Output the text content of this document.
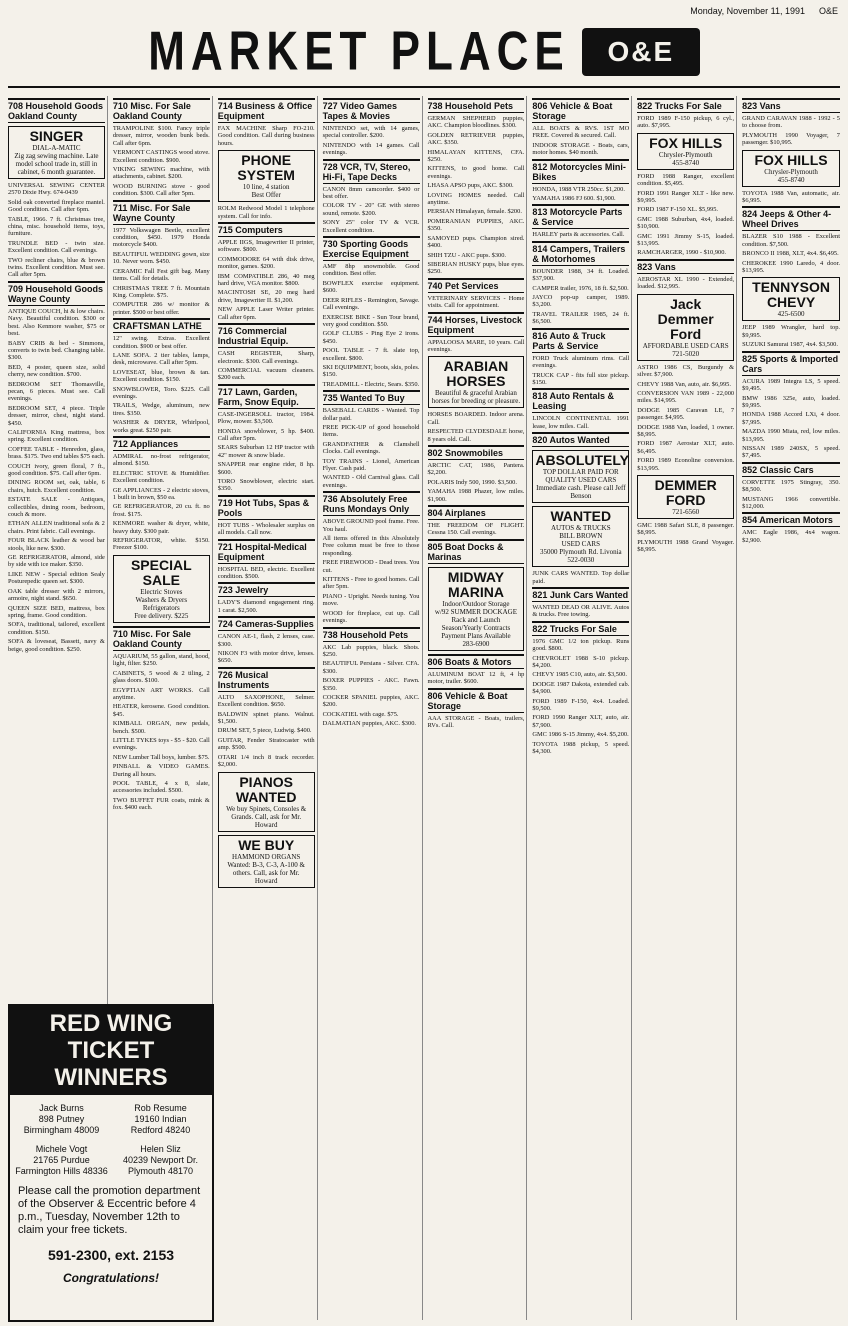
Monday, November 11, 1991 O&E
MARKET PLACE	O&E
708 Household Goods Oakland County
SINGER
DIAL-A-MATIC
Zig zag sewing machine. Late model school trade in, still in cabinet, 6 month guarantee.
UNIVERSAL SEWING CENTER 2570 Dixie Hwy. 674-0439
Solid oak converted fireplace mantel. Good condition. Call after 6pm.
TABLE, 1966. 7 ft. Christmas tree, china, misc. household items, toys, furniture.
TRUNDLE BED - twin size. Excellent condition. Call evenings.
TWO recliner chairs, blue & brown twins. Excellent condition. Must see. Call after 5pm.
709 Household Goods Wayne County
ANTIQUE COUCH, hi & low chairs. Navy. Beautiful condition. $300 or best. Also Kenmore washer, $75 or best.
BABY CRIB & bed - Simmons, converts to twin bed. Changing table. $300.
BED, 4 poster, queen size, solid cherry, new condition. $700.
BEDROOM SET Thomasville, pecan, 6 pieces. Must see. Call evenings.
BEDROOM SET, 4 piece. Triple dresser, mirror, chest, night stand. $450.
CALIFORNIA King mattress, box spring. Excellent condition.
COFFEE TABLE - Henredon, glass, brass. $175. Two end tables $75 each.
COUCH ivory, green floral, 7 ft., good condition. $75. Call after 6pm.
DINING ROOM set, oak, table, 6 chairs, hutch. Excellent condition.
ESTATE SALE - Antiques, collectibles, dining room, bedroom, couch & more.
ETHAN ALLEN traditional sofa & 2 chairs. Print fabric. Call evenings.
FOUR BLACK leather & wood bar stools, like new. $300.
GE REFRIGERATOR, almond, side by side with ice maker. $350.
LIKE NEW - Special edition Sealy Posturepedic queen set. $300.
OAK table dresser with 2 mirrors, armoire, night stand. $650.
QUEEN SIZE BED, mattress, box spring, frame. Good condition.
SOFA, traditional, tailored, excellent condition. $150.
SOFA & loveseat, Bassett, navy & beige, good condition. $250.
710 Misc. For Sale Oakland County
TRAMPOLINE $100. Fancy triple dresser, mirror, wooden bunk beds. Call after 6pm.
VERMONT CASTINGS wood stove. Excellent condition. $900.
VIKING SEWING machine, with attachments, cabinet. $200.
WOOD BURNING stove - good condition. $300. Call after 5pm.
711 Misc. For Sale Wayne County
1977 Volkswagen Beetle, excellent condition, $450. 1979 Honda motorcycle $400.
BEAUTIFUL WEDDING gown, size 10. Never worn. $450.
CERAMIC Fall Fest gift bag. Many items. Call for details.
CHRISTMAS TREE 7 ft. Mountain King. Complete. $75.
COMPUTER 286 w/ monitor & printer. $500 or best offer.
CRAFTSMAN LATHE
12" swing. Extras. Excellent condition. $900 or best offer.
LANE SOFA. 2 tier tables, lamps, desk, microwave. Call after 5pm.
LOVESEAT, blue, brown & tan. Excellent condition. $150.
SNOWBLOWER, Toro. $225. Call evenings.
TRAILS, Wedge, aluminum, new tires. $350.
WASHER & DRYER, Whirlpool, works great. $250 pair.
712 Appliances
ADMIRAL no-frost refrigerator, almond. $150.
ELECTRIC STOVE & Humidifier. Excellent condition.
GE APPLIANCES - 2 electric stoves, 1 built in brown, $50 ea.
GE REFRIGERATOR, 20 cu. ft. no frost. $175.
KENMORE washer & dryer, white, heavy duty. $300 pair.
REFRIGERATOR, white. $150. Freezer $100.
SPECIAL SALE
Electric Stoves
Washers & Dryers
Refrigerators
Free delivery. $225
710 Misc. For Sale Oakland County
AQUARIUM, 55 gallon, stand, hood, light, filter. $250.
CABINETS, 5 wood & 2 tiling, 2 glass doors. $100.
EGYPTIAN ART WORKS. Call anytime.
HEATER, kerosene. Good condition. $45.
KIMBALL ORGAN, new pedals, bench. $500.
LITTLE TYKES toys - $5 - $20. Call evenings.
NEW Lumber Tall boys, lumber. $75.
PINBALL & VIDEO GAMES. During all hours.
POOL TABLE, 4 x 8, slate, accessories included. $500.
TWO BUFFET FUR coats, mink & fox. $400 each.
714 Business & Office Equipment
FAX MACHINE Sharp FO-210. Good condition. Call during business hours.
PHONE SYSTEM
10 line, 4 station
Best Offer
ROLM Redwood Model 1 telephone system. Call for info.
715 Computers
APPLE IIGS, Imagewriter II printer, software. $800.
COMMODORE 64 with disk drive, monitor, games. $200.
IBM COMPATIBLE 286, 40 meg hard drive, VGA monitor. $800.
MACINTOSH SE, 20 meg hard drive, Imagewriter II. $1,200.
NEW APPLE Laser Writer printer. Call after 6pm.
716 Commercial Industrial Equip.
CASH REGISTER, Sharp, electronic. $300. Call evenings.
COMMERCIAL vacuum cleaners. $200 each.
717 Lawn, Garden, Farm, Snow Equip.
CASE-INGERSOLL tractor, 1984. Plow, mower. $3,500.
HONDA snowblower, 5 hp. $400. Call after 5pm.
SEARS Suburban 12 HP tractor with 42" mower & snow blade.
SNAPPER rear engine rider, 8 hp. $600.
TORO Snowblower, electric start. $350.
719 Hot Tubs, Spas & Pools
HOT TUBS - Wholesaler surplus on all models. Call now.
721 Hospital-Medical Equipment
HOSPITAL BED, electric. Excellent condition. $500.
723 Jewelry
LADY'S diamond engagement ring. 1 carat. $2,500.
724 Cameras-Supplies
CANON AE-1, flash, 2 lenses, case. $300.
NIKON F3 with motor drive, lenses. $650.
726 Musical Instruments
ALTO SAXOPHONE, Selmer. Excellent condition. $650.
BALDWIN spinet piano. Walnut. $1,500.
DRUM SET, 5 piece, Ludwig. $400.
GUITAR, Fender Stratocaster with amp. $500.
OTARI 1/4 inch 8 track recorder. $2,000.
PIANOS WANTED
We buy Spinets, Consoles & Grands. Call, ask for Mr. Howard
WE BUY
HAMMOND ORGANS
Wanted: B-3, C-3, A-100 & others. Call, ask for Mr. Howard
727 Video Games Tapes & Movies
NINTENDO set, with 14 games, special controller. $200.
NINTENDO with 14 games. Call evenings.
728 VCR, TV, Stereo, Hi-Fi, Tape Decks
CANON 8mm camcorder. $400 or best offer.
COLOR TV - 20" GE with stereo sound, remote. $200.
SONY 25" color TV & VCR. Excellent condition.
730 Sporting Goods Exercise Equipment
AMF 8hp snowmobile. Good condition. Best offer.
BOWFLEX exercise equipment. $600.
DEER RIFLES - Remington, Savage. Call evenings.
EXERCISE BIKE - Sun Tour brand, very good condition. $50.
GOLF CLUBS - Ping Eye 2 irons. $450.
POOL TABLE - 7 ft. slate top, excellent. $800.
SKI EQUIPMENT, boots, skis, poles. $150.
TREADMILL - Electric, Sears. $350.
735 Wanted To Buy
BASEBALL CARDS - Wanted. Top dollar paid.
FREE PICK-UP of good household items.
GRANDFATHER & Clamshell Clocks. Call evenings.
TOY TRAINS - Lionel, American Flyer. Cash paid.
WANTED - Old Carnival glass. Call evenings.
736 Absolutely Free Runs Mondays Only
ABOVE GROUND pool frame. Free. You haul.
All items offered in this Absolutely Free column must be free to those responding.
FREE FIREWOOD - Dead trees. You cut.
KITTENS - Free to good homes. Call after 5pm.
PIANO - Upright. Needs tuning. You move.
WOOD for fireplace, cut up. Call evenings.
738 Household Pets
AKC Lab puppies, black. Shots. $250.
BEAUTIFUL Persians - Silver. CFA. $300.
BOXER PUPPIES - AKC. Fawn. $350.
COCKER SPANIEL puppies, AKC. $200.
COCKATIEL with cage. $75.
DALMATIAN puppies, AKC. $300.
738 Household Pets
GERMAN SHEPHERD puppies, AKC. Champion bloodlines. $300.
GOLDEN RETRIEVER puppies, AKC. $350.
HIMALAYAN KITTENS, CFA. $250.
KITTENS, to good home. Call evenings.
LHASA APSO pups, AKC. $300.
LOVING HOMES needed. Call anytime.
PERSIAN Himalayan, female. $200.
POMERANIAN PUPPIES, AKC. $350.
SAMOYED pups. Champion sired. $400.
SHIH TZU - AKC pups. $300.
SIBERIAN HUSKY pups, blue eyes. $250.
740 Pet Services
VETERINARY SERVICES - Home visits. Call for appointment.
744 Horses, Livestock Equipment
APPALOOSA MARE, 10 years. Call evenings.
ARABIAN HORSES
Beautiful & graceful Arabian horses for breeding or pleasure.
HORSES BOARDED. Indoor arena. Call.
RESPECTED CLYDESDALE horse, 8 years old. Call.
802 Snowmobiles
ARCTIC CAT, 1986, Pantera. $2,200.
POLARIS Indy 500, 1990. $3,500.
YAMAHA 1988 Phazer, low miles. $1,900.
804 Airplanes
THE FREEDOM OF FLIGHT. Cessna 150. Call evenings.
805 Boat Docks & Marinas
MIDWAY MARINA
Indoor/Outdoor Storage
w/92 SUMMER DOCKAGE
Rack and Launch
Season/Yearly Contracts
Payment Plans Available
283-6900
806 Boats & Motors
ALUMINUM BOAT 12 ft, 4 hp motor, trailer. $600.
806 Vehicle & Boat Storage
AAA STORAGE - Boats, trailers, RVs. Call.
806 Vehicle & Boat Storage
ALL BOATS & RVS. 1ST MO FREE. Covered & secured. Call.
INDOOR STORAGE - Boats, cars, motor homes. $40 month.
812 Motorcycles Mini-Bikes
HONDA, 1988 VTR 250cc. $1,200.
YAMAHA 1986 FJ 600. $1,900.
813 Motorcycle Parts & Service
HARLEY parts & accessories. Call.
814 Campers, Trailers & Motorhomes
BOUNDER 1988, 34 ft. Loaded. $37,900.
CAMPER trailer, 1976, 18 ft. $2,500.
JAYCO pop-up camper, 1989. $3,200.
TRAVEL TRAILER 1985, 24 ft. $6,500.
816 Auto & Truck Parts & Service
FORD Truck aluminum rims. Call evenings.
TRUCK CAP - fits full size pickup. $150.
818 Auto Rentals & Leasing
LINCOLN CONTINENTAL 1991 lease, low miles. Call.
820 Autos Wanted
ABSOLUTELY
TOP DOLLAR PAID FOR QUALITY USED CARS
Immediate cash. Please call Jeff Benson
WANTED
AUTOS & TRUCKS
BILL BROWN
USED CARS
35000 Plymouth Rd. Livonia
522-0030
JUNK CARS WANTED. Top dollar paid.
821 Junk Cars Wanted
WANTED DEAD OR ALIVE. Autos & trucks. Free towing.
822 Trucks For Sale
1976 GMC 1/2 ton pickup. Runs good. $800.
CHEVROLET 1988 S-10 pickup. $4,200.
CHEVY 1985 C10, auto, air. $3,500.
DODGE 1987 Dakota, extended cab. $4,900.
FORD 1989 F-150, 4x4. Loaded. $9,500.
FORD 1990 Ranger XLT, auto, air. $7,900.
GMC 1986 S-15 Jimmy, 4x4. $5,200.
TOYOTA 1988 pickup, 5 speed. $4,300.
822 Trucks For Sale
FORD 1989 F-150 pickup, 6 cyl., auto. $7,995.
FOX HILLS
Chrysler-Plymouth
455-8740
FORD 1988 Ranger, excellent condition. $5,495.
FORD 1991 Ranger XLT - like new. $9,995.
FORD 1987 F-150 XL. $5,995.
GMC 1988 Suburban, 4x4, loaded. $10,900.
GMC 1991 Jimmy S-15, loaded. $13,995.
RAMCHARGER, 1990 - $10,900.
823 Vans
AEROSTAR XL 1990 - Extended, loaded. $12,995.
Jack Demmer Ford
AFFORDABLE USED CARS
721-5020
ASTRO 1986 CS, Burgundy & silver. $7,900.
CHEVY 1988 Van, auto, air. $6,995.
CONVERSION VAN 1989 - 22,000 miles. $14,995.
DODGE 1985 Caravan LE, 7 passenger. $4,995.
DODGE 1988 Van, loaded, 1 owner. $8,995.
FORD 1987 Aerostar XLT, auto. $6,495.
FORD 1989 Econoline conversion. $13,995.
DEMMER FORD
721-6560
GMC 1988 Safari SLE, 8 passenger. $8,995.
PLYMOUTH 1988 Grand Voyager. $8,995.
823 Vans
GRAND CARAVAN 1988 - 1992 - 5 to choose from.
PLYMOUTH 1990 Voyager, 7 passenger. $10,995.
FOX HILLS
Chrysler-Plymouth
455-8740
TOYOTA 1988 Van, automatic, air. $6,995.
824 Jeeps & Other 4-Wheel Drives
BLAZER S10 1988 - Excellent condition. $7,500.
BRONCO II 1988, XLT, 4x4. $6,495.
CHEROKEE 1990 Laredo, 4 door. $13,995.
TENNYSON CHEVY
425-6500
JEEP 1989 Wrangler, hard top. $9,995.
SUZUKI Samurai 1987, 4x4. $3,500.
825 Sports & Imported Cars
ACURA 1989 Integra LS, 5 speed. $9,495.
BMW 1986 325e, auto, loaded. $9,995.
HONDA 1988 Accord LXi, 4 door. $7,995.
MAZDA 1990 Miata, red, low miles. $13,995.
NISSAN 1989 240SX, 5 speed. $7,495.
852 Classic Cars
CORVETTE 1975 Stingray, 350. $8,500.
MUSTANG 1966 convertible. $12,000.
854 American Motors
AMC Eagle 1986, 4x4 wagon. $2,900.
RED WING TICKET WINNERS
Jack Burns
898 Putney
Birmingham 48009
Rob Resume
19160 Indian
Redford 48240
Michele Vogt
21765 Purdue
Farmington Hills 48336
Helen Sliz
40239 Newport Dr.
Plymouth 48170
Please call the promotion department of the Observer & Eccentric before 4 p.m., Tuesday, November 12th to claim your free tickets.
591-2300, ext. 2153
Congratulations!
